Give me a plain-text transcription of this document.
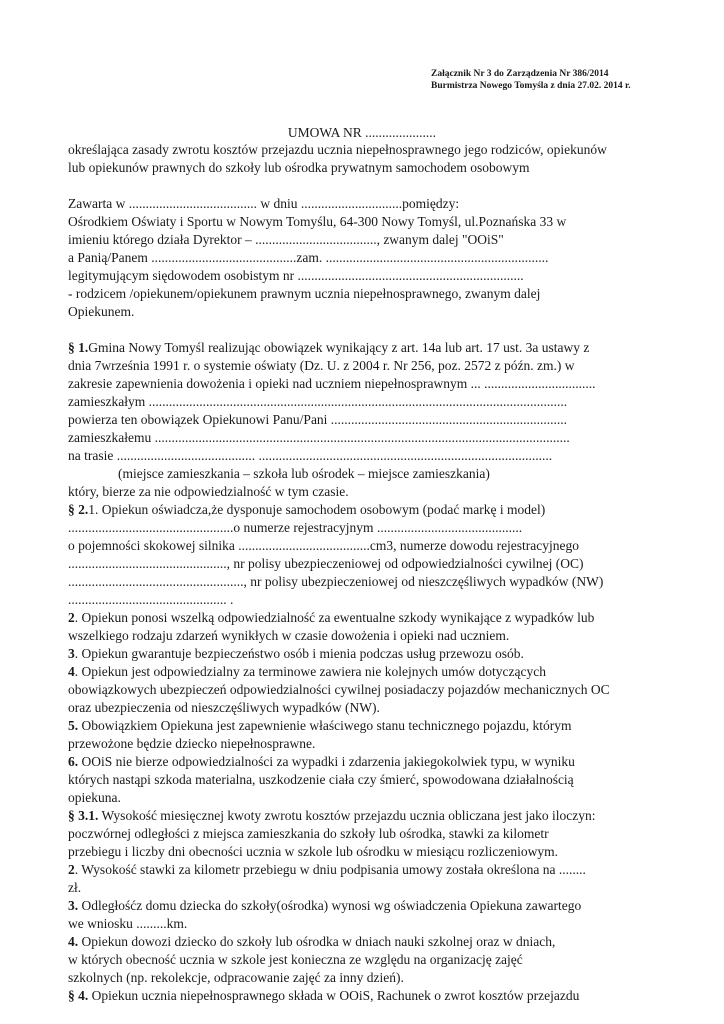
Załącznik Nr 3 do Zarządzenia Nr 386/2014
Burmistrza Nowego Tomyśla z dnia 27.02. 2014 r.
UMOWA NR .....................
określająca zasady zwrotu kosztów przejazdu ucznia niepełnosprawnego jego rodziców, opiekunów
lub opiekunów prawnych do szkoły lub ośrodka prywatnym samochodem osobowym
Zawarta w ...................................... w dniu ..............................pomiędzy:
Ośrodkiem Oświaty i Sportu w Nowym Tomyślu, 64-300 Nowy Tomyśl, ul.Poznańska 33 w
imieniu którego działa Dyrektor – ...................................., zwanym dalej "OOiS"
a Panią/Panem ...........................................zam. ..................................................................
legitymującym sięd​owodem osobistym nr ...................................................................
- rodzicem /opiekunem/opiekunem prawnym ucznia niepełnosprawnego, zwanym dalej
Opiekunem.
§ 1.Gmina Nowy Tomyśl realizując obowiązek wynikający z art. 14a lub art. 17 ust. 3a ustawy z
dnia 7września 1991 r. o systemie oświaty (Dz. U. z 2004 r. Nr 256, poz. 2572 z późn. zm.) w
zakresie zapewnienia dowożenia i opieki nad uczniem niepełnosprawnym ... .................................
zamieszkałym ............................................................................................................................
powierza ten obowiązek Opiekunowi Panu/Pani ......................................................................
zamieszkałemu ...........................................................................................................................
na trasie ......................................... .......................................................................................
(miejsce zamieszkania – szkoła lub ośrodek – miejsce zamieszkania)
który, bierze za nie odpowiedzialność w tym czasie.
§ 2.1. Opiekun oświadcza,że dysponuje samochodem osobowym (podać markę i model)
.................................................o numerze rejestracyjnym ...........................................
o pojemności skokowej silnika .......................................cm3, numerze dowodu rejestracyjnego
..............................................., nr polisy ubezpieczeniowej od odpowiedzialności cywilnej (OC)
...................................................., nr polisy ubezpieczeniowej od nieszczęśliwych wypadków (NW)
............................................... .
2. Opiekun ponosi wszelką odpowiedzialność za ewentualne szkody wynikające z wypadków lub
wszelkiego rodzaju zdarzeń wynikłych w czasie dowożenia i opieki nad uczniem.
3. Opiekun gwarantuje bezpieczeństwo osób i mienia podczas usług przewozu osób.
4. Opiekun jest odpowiedzialny za terminowe zawiera nie kolejnych umów dotyczących
obowiązkowych ubezpieczeń odpowiedzialności cywilnej posiadaczy pojazdów mechanicznych OC
oraz ubezpieczenia od nieszczęśliwych wypadków (NW).
5. Obowiązkiem Opiekuna jest zapewnienie właściwego stanu technicznego pojazdu, którym
przewożone będzie dziecko niepełnosprawne.
6. OOiS nie bierze odpowiedzialności za wypadki i zdarzenia jakiegokolwiek typu, w wyniku
których nastąpi szkoda materialna, uszkodzenie ciała czy śmierć, spowodowana działalnością
opiekuna.
§ 3.1. Wysokość miesięcznej kwoty zwrotu kosztów przejazdu ucznia obliczana jest jako iloczyn:
poczwórnej odległości z miejsca zamieszkania do szkoły lub ośrodka, stawki za kilometr
przebiegu i liczby dni obecności ucznia w szkole lub ośrodku w miesiącu rozliczeniowym.
2. Wysokość stawki za kilometr przebiegu w dniu podpisania umowy została określona na ........
zł.
3. Odległośćz domu dziecka do szkoły(ośrodka) wynosi wg oświadczenia Opiekuna zawartego
we wniosku .........km.
4. Opiekun dowozi dziecko do szkoły lub ośrodka w dniach nauki szkolnej oraz w dniach,
w których obecność ucznia w szkole jest konieczna ze względu na organizację zajęć
szkolnych (np. rekolekcje, odpracowanie zajęć za inny dzień).
§ 4. Opiekun ucznia niepełnosprawnego składa w OOiS, Rachunek o zwrot kosztów przejazdu
